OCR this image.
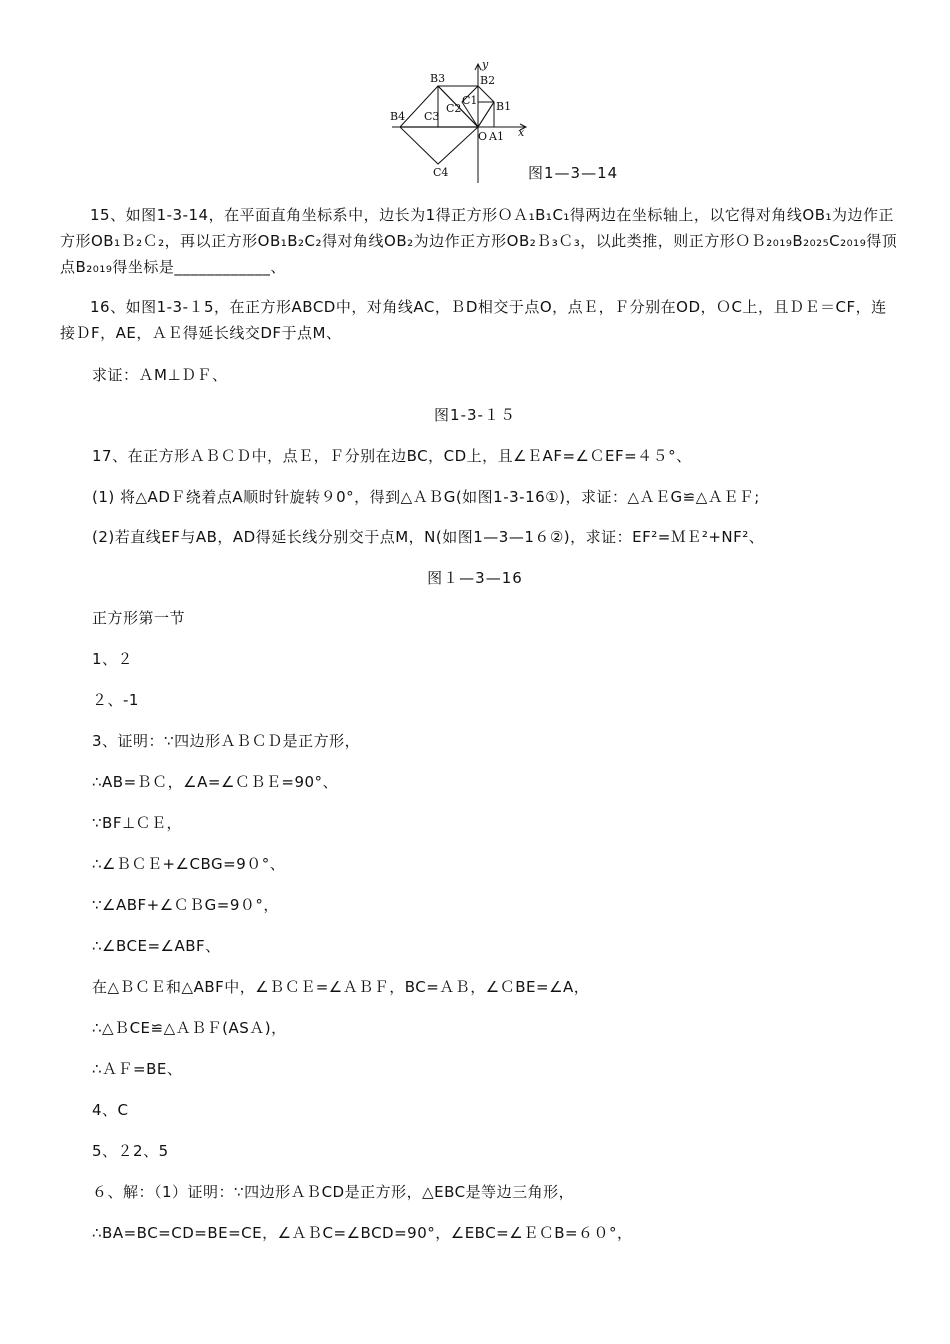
y
x
B3	B2
B1
B4
C1
C2
C3
C4
O A1
图1—3—14

15、如图1-3-14，在平面直角坐标系中，边长为1得正方形ＯＡ₁B₁C₁得两边在坐标轴上，以它得对角线OB₁为边作正方形OB₁Ｂ₂Ｃ₂，再以正方形OB₁B₂C₂得对角线OB₂为边作正方形OB₂Ｂ₃Ｃ₃，以此类推，则正方形ＯＢ₂₀₁₉B₂₀₂₅C₂₀₁₉得顶点B₂₀₁₉得坐标是____________、

16、如图1-3-１5，在正方形ABCD中，对角线AC，ＢD相交于点O，点Ｅ，Ｆ分别在OD，ＯC上，且ＤＥ＝CF，连接ＤF，AE，ＡＥ得延长线交DF于点M、

求证：ＡM⊥ＤＦ、
图1-3-１５
17、在正方形ＡＢＣＤ中，点Ｅ，Ｆ分别在边BC，CD上，且∠ＥAF=∠ＣEF=４５°、
(1) 将△ADＦ绕着点A顺时针旋转９0°，得到△ＡＢG(如图1-3-16①)，求证：△ＡＥG≌△ＡＥＦ;
(2)若直线EF与AB，AD得延长线分别交于点M，N(如图1—3—1６②)，求证：EF²=ＭＥ²+NF²、
图１—3—16
正方形第一节
1、２
２、-1
3、证明：∵四边形ＡＢＣＤ是正方形，
∴AB=ＢＣ，∠A=∠ＣＢＥ=90°、
∵BF⊥ＣＥ，
∴∠ＢＣＥ+∠CBG=9０°、
∵∠ABF+∠ＣＢG=9０°，
∴∠BCE=∠ABF、
在△ＢＣＥ和△ABF中，∠ＢＣＥ=∠ＡＢＦ，BC=ＡＢ，∠ＣBE=∠A，
∴△ＢCE≌△ＡＢＦ(ASＡ)，
∴ＡＦ=BE、
4、C
5、２2、5
６、解：（1）证明：∵四边形ＡＢCD是正方形，△EBC是等边三角形，
∴BA=BC=CD=BE=CE，∠ＡＢC=∠BCD=90°，∠EBC=∠ＥＣB=６０°，
